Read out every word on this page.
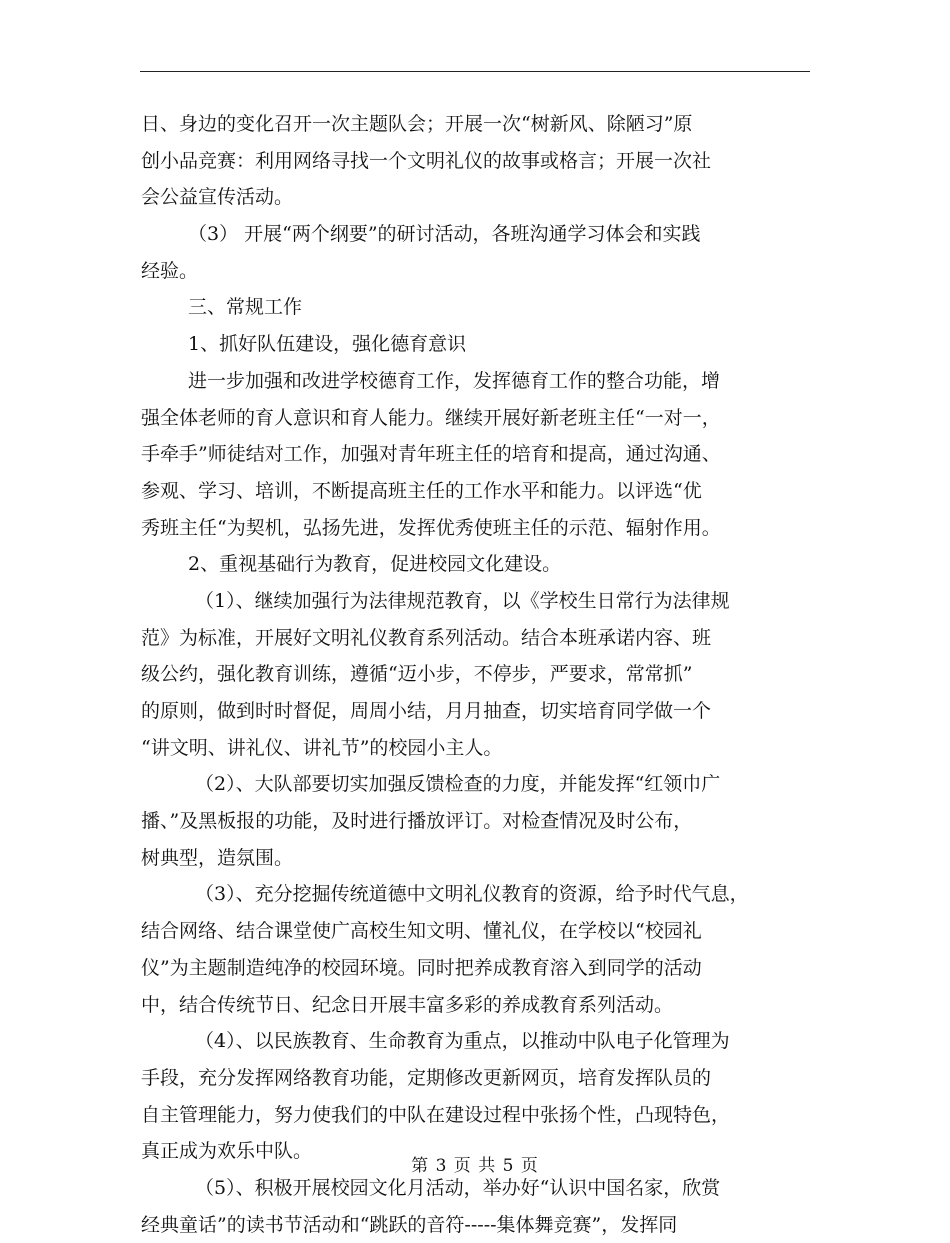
日、身边的变化召开一次主题队会；开展一次“树新风、除陋习”原
创小品竞赛：利用网络寻找一个文明礼仪的故事或格言；开展一次社
会公益宣传活动。
（3） 开展“两个纲要”的研讨活动，各班沟通学习体会和实践
经验。
三、常规工作
1、抓好队伍建设，强化德育意识
进一步加强和改进学校德育工作，发挥德育工作的整合功能，增
强全体老师的育人意识和育人能力。继续开展好新老班主任“一对一，
手牵手”师徒结对工作，加强对青年班主任的培育和提高，通过沟通、
参观、学习、培训，不断提高班主任的工作水平和能力。以评选“优
秀班主任“为契机，弘扬先进，发挥优秀使班主任的示范、辐射作用。
2、重视基础行为教育，促进校园文化建设。
（1）、继续加强行为法律规范教育，以《学校生日常行为法律规
范》为标准，开展好文明礼仪教育系列活动。结合本班承诺内容、班
级公约，强化教育训练，遵循“迈小步，不停步，严要求，常常抓”
的原则，做到时时督促，周周小结，月月抽查，切实培育同学做一个
“讲文明、讲礼仪、讲礼节”的校园小主人。
（2）、大队部要切实加强反馈检查的力度，并能发挥“红领巾广
播、”及黑板报的功能，及时进行播放评订。对检查情况及时公布，
树典型，造氛围。
（3）、充分挖掘传统道德中文明礼仪教育的资源，给予时代气息，
结合网络、结合课堂使广高校生知文明、懂礼仪，在学校以“校园礼
仪”为主题制造纯净的校园环境。同时把养成教育溶入到同学的活动
中，结合传统节日、纪念日开展丰富多彩的养成教育系列活动。
（4）、以民族教育、生命教育为重点，以推动中队电子化管理为
手段，充分发挥网络教育功能，定期修改更新网页，培育发挥队员的
自主管理能力，努力使我们的中队在建设过程中张扬个性，凸现特色，
真正成为欢乐中队。
（5）、积极开展校园文化月活动，举办好“认识中国名家，欣赏
经典童话”的读书节活动和“跳跃的音符-----集体舞竞赛”，发挥同
第 3 页 共 5 页
